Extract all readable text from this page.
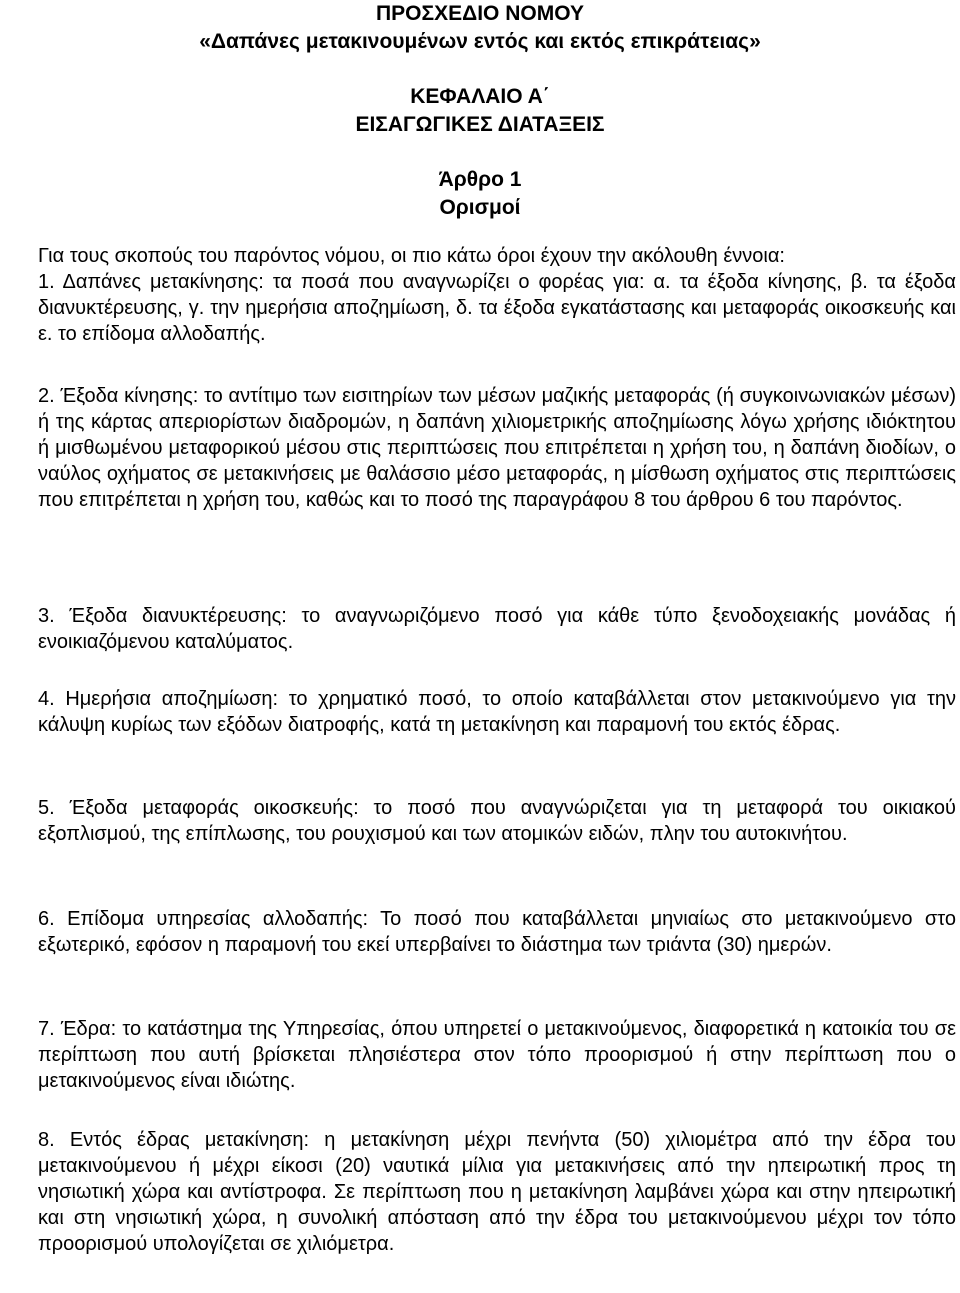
ΠΡΟΣΧΕΔΙΟ ΝΟΜΟΥ
«Δαπάνες μετακινουμένων εντός και εκτός επικράτειας»
ΚΕΦΑΛΑΙΟ Α΄
ΕΙΣΑΓΩΓΙΚΕΣ ΔΙΑΤΑΞΕΙΣ
Άρθρο 1
Ορισμοί
Για τους σκοπούς του παρόντος νόμου, οι πιο κάτω όροι έχουν την ακόλουθη έννοια:
1. Δαπάνες μετακίνησης: τα ποσά που αναγνωρίζει ο φορέας για: α. τα έξοδα κίνησης, β. τα έξοδα διανυκτέρευσης, γ. την ημερήσια αποζημίωση, δ. τα έξοδα εγκατάστασης και μεταφοράς οικοσκευής και ε. το επίδομα αλλοδαπής.
2. Έξοδα κίνησης: το αντίτιμο των εισιτηρίων των μέσων μαζικής μεταφοράς (ή συγκοινωνιακών μέσων) ή της κάρτας απεριορίστων διαδρομών, η δαπάνη χιλιομετρικής αποζημίωσης λόγω χρήσης ιδιόκτητου ή μισθωμένου μεταφορικού μέσου στις περιπτώσεις που επιτρέπεται η χρήση του, η δαπάνη διοδίων, ο ναύλος οχήματος σε μετακινήσεις με θαλάσσιο μέσο μεταφοράς, η μίσθωση οχήματος στις περιπτώσεις που επιτρέπεται η χρήση του, καθώς και το ποσό της παραγράφου 8 του άρθρου 6 του παρόντος.
3. Έξοδα διανυκτέρευσης: το αναγνωριζόμενο ποσό για κάθε τύπο ξενοδοχειακής μονάδας ή ενοικιαζόμενου καταλύματος.
4. Ημερήσια αποζημίωση: το χρηματικό ποσό, το οποίο καταβάλλεται στον μετακινούμενο για την κάλυψη κυρίως των εξόδων διατροφής, κατά τη μετακίνηση και παραμονή του εκτός έδρας.
5. Έξοδα μεταφοράς οικοσκευής: το ποσό που αναγνώριζεται για τη μεταφορά του οικιακού εξοπλισμού, της επίπλωσης, του ρουχισμού και των ατομικών ειδών, πλην του αυτοκινήτου.
6. Επίδομα υπηρεσίας αλλοδαπής: Το ποσό που καταβάλλεται μηνιαίως στο μετακινούμενο στο εξωτερικό, εφόσον η παραμονή του εκεί υπερβαίνει το διάστημα των τριάντα (30) ημερών.
7. Έδρα: το κατάστημα της Υπηρεσίας, όπου υπηρετεί ο μετακινούμενος, διαφορετικά η κατοικία του σε περίπτωση που αυτή βρίσκεται πλησιέστερα στον τόπο προορισμού ή στην περίπτωση που ο μετακινούμενος είναι ιδιώτης.
8. Εντός έδρας μετακίνηση: η μετακίνηση μέχρι πενήντα (50) χιλιομέτρα από την έδρα του μετακινούμενου ή μέχρι είκοσι (20) ναυτικά μίλια για μετακινήσεις από την ηπειρωτική προς τη νησιωτική χώρα και αντίστροφα. Σε περίπτωση που η μετακίνηση λαμβάνει χώρα και στην ηπειρωτική και στη νησιωτική χώρα, η συνολική απόσταση από την έδρα του μετακινούμενου μέχρι τον τόπο προορισμού υπολογίζεται σε χιλιόμετρα.
